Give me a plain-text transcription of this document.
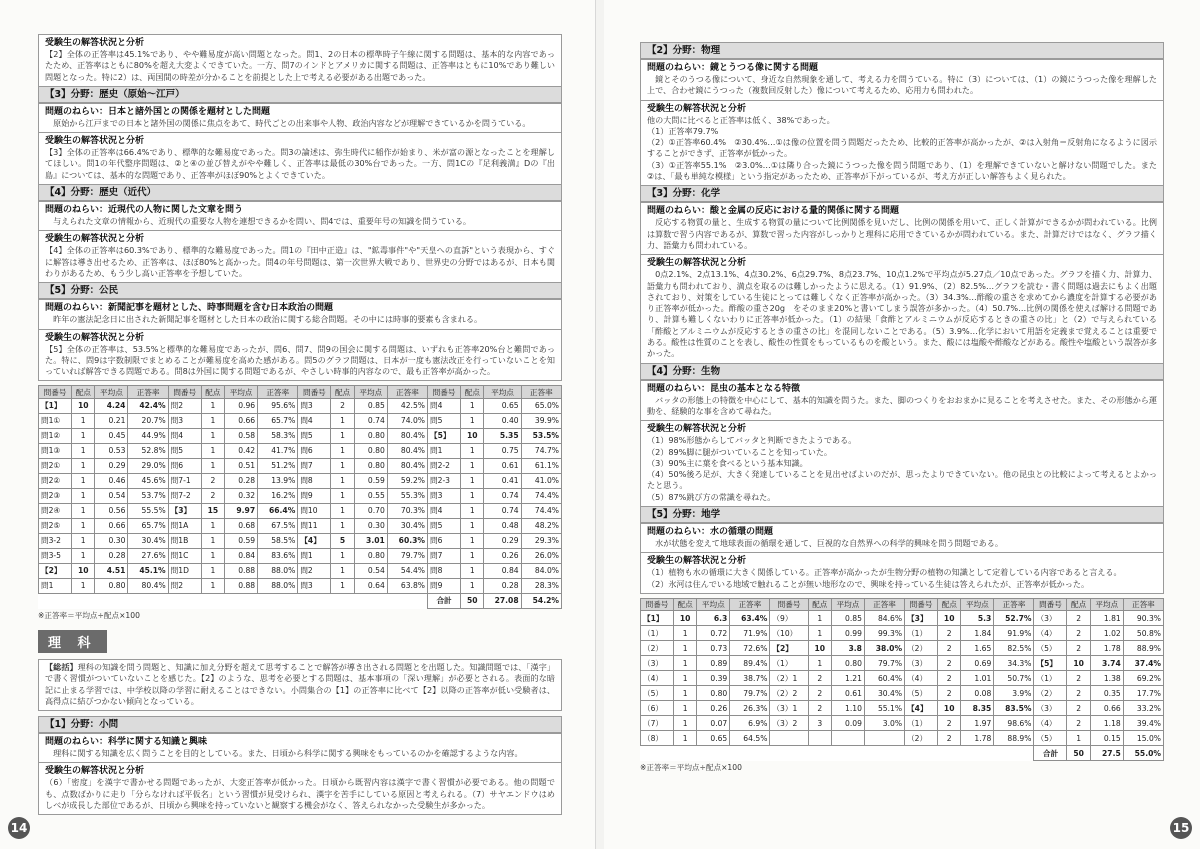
受験生の解答状況と分析
【2】全体の正答率は45.1%であり、やや難易度が高い問題となった。問1、2の日本の標準時子午線に関する問題は、基本的な内容であったため、正答率はともに80%を超え大変よくできていた。一方、問7のインドとアメリカに関する問題は、正答率はともに10%であり難しい問題となった。特に2）は、両国間の時差が分かることを前提とした上で考える必要がある出題であった。
【3】分野：歴史（原始〜江戸）
問題のねらい：日本と諸外国との関係を題材とした問題
原始から江戸までの日本と諸外国の関係に焦点をあて、時代ごとの出来事や人物、政治内容などが理解できているかを問うている。
受験生の解答状況と分析
【3】全体の正答率は66.4%であり、標準的な難易度であった。問3の論述は、弥生時代に稲作が始まり、米が富の源となったことを理解してほしい。問1の年代整序問題は、②と④の並び替えがやや難しく、正答率は最低の30%台であった。一方、問1Cの『足利義満』Dの『出島』については、基本的な問題であり、正答率がほぼ90%とよくできていた。
【4】分野：歴史（近代）
問題のねらい：近現代の人物に関した文章を問う
与えられた文章の情報から、近現代の重要な人物を連想できるかを問い、問4では、重要年号の知識を問うている。
受験生の解答状況と分析
【4】全体の正答率は60.3%であり、標準的な難易度であった。問1の『田中正造』は、"鉱毒事件"や"天皇への直訴"という表現から、すぐに解答は導き出せるため、正答率は、ほぼ80%と高かった。問4の年号問題は、第一次世界大戦であり、世界史の分野ではあるが、日本も関わりがあるため、もう少し高い正答率を予想していた。
【5】分野：公民
問題のねらい：新聞記事を題材とした、時事問題を含む日本政治の問題
昨年の憲法記念日に出された新聞記事を題材とした日本の政治に関する総合問題。その中には時事的要素も含まれる。
受験生の解答状況と分析
【5】全体の正答率は、53.5%と標準的な難易度であったが、問6、問7、問9の国会に関する問題は、いずれも正答率20%台と難問であった。特に、問9は字数制限でまとめることが難易度を高めた感がある。問5のグラフ問題は、日本が一度も憲法改正を行っていないことを知っていれば解答できる問題である。問8は外国に関する問題であるが、やさしい時事的内容なので、最も正答率が高かった。
問番号	配点	平均点	正答率	問番号	配点	平均点	正答率	問番号	配点	平均点	正答率	問番号	配点	平均点	正答率
【1】	10	4.24	42.4%	問2	1	0.96	95.6%	問3	2	0.85	42.5%	問4	1	0.65	65.0%
問1①	1	0.21	20.7%	問3	1	0.66	65.7%	問4	1	0.74	74.0%	問5	1	0.40	39.9%
問1②	1	0.45	44.9%	問4	1	0.58	58.3%	問5	1	0.80	80.4%	【5】	10	5.35	53.5%
問1③	1	0.53	52.8%	問5	1	0.42	41.7%	問6	1	0.80	80.4%	問1	1	0.75	74.7%
問2①	1	0.29	29.0%	問6	1	0.51	51.2%	問7	1	0.80	80.4%	問2-2	1	0.61	61.1%
問2②	1	0.46	45.6%	問7-1	2	0.28	13.9%	問8	1	0.59	59.2%	問2-3	1	0.41	41.0%
問2③	1	0.54	53.7%	問7-2	2	0.32	16.2%	問9	1	0.55	55.3%	問3	1	0.74	74.4%
問2④	1	0.56	55.5%	【3】	15	9.97	66.4%	問10	1	0.70	70.3%	問4	1	0.74	74.4%
問2⑤	1	0.66	65.7%	問1A	1	0.68	67.5%	問11	1	0.30	30.4%	問5	1	0.48	48.2%
問3-2	1	0.30	30.4%	問1B	1	0.59	58.5%	【4】	5	3.01	60.3%	問6	1	0.29	29.3%
問3-5	1	0.28	27.6%	問1C	1	0.84	83.6%	問1	1	0.80	79.7%	問7	1	0.26	26.0%
【2】	10	4.51	45.1%	問1D	1	0.88	88.0%	問2	1	0.54	54.4%	問8	1	0.84	84.0%
問1	1	0.80	80.4%	問2	1	0.88	88.0%	問3	1	0.64	63.8%	問9	1	0.28	28.3%
												合計	50	27.08	54.2%
※正答率＝平均点÷配点×100
理 科
【総括】理科の知識を問う問題と、知識に加え分野を超えて思考することで解答が導き出される問題とを出題した。知識問題では、「漢字」で書く習慣がついていないことを感じた。【2】のような、思考を必要とする問題は、基本事項の「深い理解」が必要とされる。表面的な暗記に止まる学習では、中学校以降の学習に耐えることはできない。小問集合の【1】の正答率に比べて【2】以降の正答率が低い受験者は、高得点に結びつかない傾向となっている。
【1】分野：小問
問題のねらい：科学に関する知識と興味
理科に関する知識を広く問うことを目的としている。また、日頃から科学に関する興味をもっているのかを確認するような内容。
受験生の解答状況と分析
（6）「密度」を漢字で書かせる問題であったが、大変正答率が低かった。日頃から既習内容は漢字で書く習慣が必要である。他の問題でも、点数ばかりに走り「分らなければ平仮名」という習慣が見受けられ、漢字を苦手にしている原因と考えられる。（7）サヤエンドウはめしべが成長した部位であるが、日頃から興味を持っていないと観察する機会がなく、答えられなかった受験生が多かった。
14
【2】分野：物理
問題のねらい：鏡とうつる像に関する問題
鏡とそのうつる像について、身近な自然現象を通して、考える力を問うている。特に（3）については、（1）の鏡にうつった像を理解した上で、合わせ鏡にうつった（複数回反射した）像について考えるため、応用力も問われた。
受験生の解答状況と分析
他の大問に比べると正答率は低く、38%であった。
（1）正答率79.7%
（2）①正答率60.4%　②30.4%…①は像の位置を問う問題だったため、比較的正答率が高かったが、②は入射角＝反射角になるように図示することができず、正答率が低かった。
（3）①正答率55.1%　②3.0%…①は隣り合った鏡にうつった像を問う問題であり、（1）を理解できていないと解けない問題でした。また②は、「最も単純な模様」という指定があったため、正答率が下がっているが、考え方が正しい解答もよく見られた。
【3】分野：化学
問題のねらい：酸と金属の反応における量的関係に関する問題
反応する物質の量と、生成する物質の量について比例関係を見いだし、比例の関係を用いて、正しく計算ができるかが問われている。比例は算数で習う内容であるが、算数で習った内容がしっかりと理科に応用できているかが問われている。また、計算だけではなく、グラフ描く力、語彙力も問われている。
受験生の解答状況と分析
0点2.1%、2点13.1%、4点30.2%、6点29.7%、8点23.7%、10点1.2%で平均点が5.27点／10点であった。グラフを描く力、計算力、語彙力も問われており、満点を取るのは難しかったように思える。（1）91.9%、（2）82.5%…グラフを読む・書く問題は過去にもよく出題されており、対策をしている生徒にとっては難しくなく正答率が高かった。（3）34.3%…酢酸の重さを求めてから濃度を計算する必要があり正答率が低かった。酢酸の重さ20g　をそのまま20%と書いてしまう誤答が多かった。（4）50.7%…比例の関係を使えば解ける問題であり、計算も難しくないわりに正答率が低かった。（1）の結果「食酢とアルミニウムが反応するときの重さの比」と（2）で与えられている「酢酸とアルミニウムが反応するときの重さの比」を混同しないことである。（5）3.9%…化学において用語を定義まで覚えることは重要である。酸性は性質のことを表し、酸性の性質をもっているものを酸という。また、酸には塩酸や酢酸などがある。酸性や塩酸という誤答が多かった。
【4】分野：生物
問題のねらい：昆虫の基本となる特徴
バッタの形態上の特徴を中心にして、基本的知識を問うた。また、脚のつくりをおおまかに見ることを考えさせた。また、その形態から運動を、経験的な事を含めて尋ねた。
受験生の解答状況と分析
（1）98%形態からしてバッタと判断できたようである。
（2）89%脚に腿がついていることを知っていた。
（3）90%主に葉を食べるという基本知識。
（4）50%後ろ足が、大きく発達していることを見出せばよいのだが、思ったよりできていない。他の昆虫との比較によって考えるとよかったと思う。
（5）87%跳び方の常識を尋ねた。
【5】分野：地学
問題のねらい：水の循環の問題
水が状態を変えて地球表面の循環を通して、巨視的な自然界への科学的興味を問う問題である。
受験生の解答状況と分析
（1）植物も水の循環に大きく関係している。正答率が高かったが生物分野の植物の知識として定着している内容であると言える。
（2）氷河は住んでいる地域で触れることが無い地形なので、興味を持っている生徒は答えられたが、正答率が低かった。
問番号	配点	平均点	正答率	問番号	配点	平均点	正答率	問番号	配点	平均点	正答率	問番号	配点	平均点	正答率
【1】	10	6.3	63.4%	（9）	1	0.85	84.6%	【3】	10	5.3	52.7%	（3）	2	1.81	90.3%
（1）	1	0.72	71.9%	（10）	1	0.99	99.3%	（1）	2	1.84	91.9%	（4）	2	1.02	50.8%
（2）	1	0.73	72.6%	【2】	10	3.8	38.0%	（2）	2	1.65	82.5%	（5）	2	1.78	88.9%
（3）	1	0.89	89.4%	（1）	1	0.80	79.7%	（3）	2	0.69	34.3%	【5】	10	3.74	37.4%
（4）	1	0.39	38.7%	（2）1	2	1.21	60.4%	（4）	2	1.01	50.7%	（1）	2	1.38	69.2%
（5）	1	0.80	79.7%	（2）2	2	0.61	30.4%	（5）	2	0.08	3.9%	（2）	2	0.35	17.7%
（6）	1	0.26	26.3%	（3）1	2	1.10	55.1%	【4】	10	8.35	83.5%	（3）	2	0.66	33.2%
（7）	1	0.07	6.9%	（3）2	3	0.09	3.0%	（1）	2	1.97	98.6%	（4）	2	1.18	39.4%
（8）	1	0.65	64.5%					（2）	2	1.78	88.9%	（5）	1	0.15	15.0%
												合計	50	27.5	55.0%
※正答率＝平均点÷配点×100
15
